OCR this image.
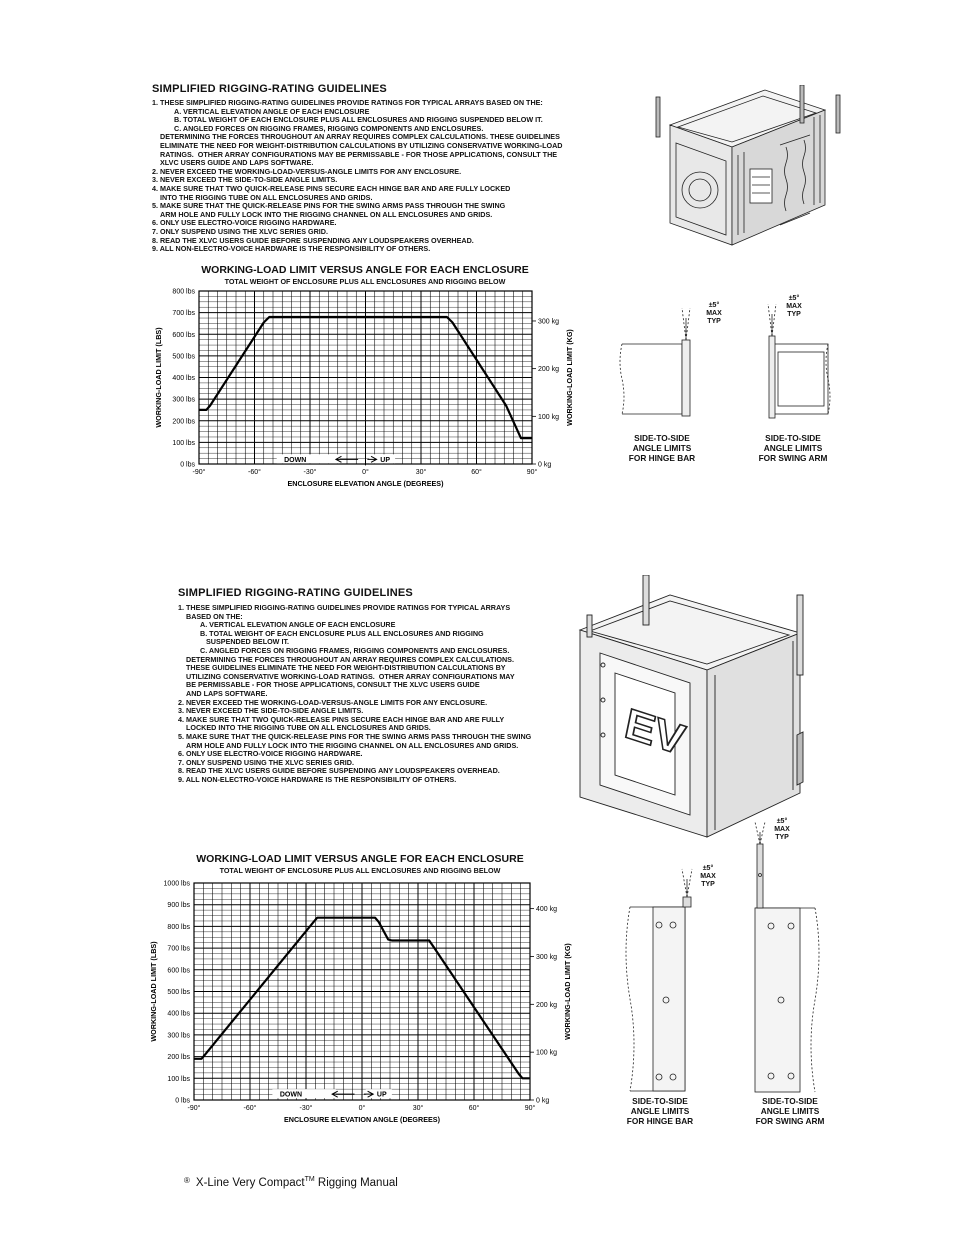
SIMPLIFIED RIGGING-RATING GUIDELINES
1. THESE SIMPLIFIED RIGGING-RATING GUIDELINES PROVIDE RATINGS FOR TYPICAL ARRAYS BASED ON THE:
A. VERTICAL ELEVATION ANGLE OF EACH ENCLOSURE
B. TOTAL WEIGHT OF EACH ENCLOSURE PLUS ALL ENCLOSURES AND RIGGING SUSPENDED BELOW IT.
C. ANGLED FORCES ON RIGGING FRAMES, RIGGING COMPONENTS AND ENCLOSURES.
DETERMINING THE FORCES THROUGHOUT AN ARRAY REQUIRES COMPLEX CALCULATIONS. THESE GUIDELINES
ELIMINATE THE NEED FOR WEIGHT-DISTRIBUTION CALCULATIONS BY UTILIZING CONSERVATIVE WORKING-LOAD
RATINGS.  OTHER ARRAY CONFIGURATIONS MAY BE PERMISSABLE - FOR THOSE APPLICATIONS, CONSULT THE
XLVC USERS GUIDE AND LAPS SOFTWARE.
2. NEVER EXCEED THE WORKING-LOAD-VERSUS-ANGLE LIMITS FOR ANY ENCLOSURE.
3. NEVER EXCEED THE SIDE-TO-SIDE ANGLE LIMITS.
4. MAKE SURE THAT TWO QUICK-RELEASE PINS SECURE EACH HINGE BAR AND ARE FULLY LOCKED
INTO THE RIGGING TUBE ON ALL ENCLOSURES AND GRIDS.
5. MAKE SURE THAT THE QUICK-RELEASE PINS FOR THE SWING ARMS PASS THROUGH THE SWING
ARM HOLE AND FULLY LOCK INTO THE RIGGING CHANNEL ON ALL ENCLOSURES AND GRIDS.
6. ONLY USE ELECTRO-VOICE RIGGING HARDWARE.
7. ONLY SUSPEND USING THE XLVC SERIES GRID.
8. READ THE XLVC USERS GUIDE BEFORE SUSPENDING ANY LOUDSPEAKERS OVERHEAD.
9. ALL NON-ELECTRO-VOICE HARDWARE IS THE RESPONSIBILITY OF OTHERS.
WORKING-LOAD LIMIT VERSUS ANGLE FOR EACH ENCLOSURE
TOTAL WEIGHT OF ENCLOSURE PLUS ALL ENCLOSURES AND RIGGING BELOW
0 lbs
100 lbs
200 lbs
300 lbs
400 lbs
500 lbs
600 lbs
700 lbs
800 lbs
0 kg
100 kg
200 kg
300 kg
-90°	-60°	-30°	0°	30°	60°	90°
ENCLOSURE ELEVATION ANGLE (DEGREES)
WORKING-LOAD LIMIT (LBS)	WORKING-LOAD LIMIT (KG)
DOWN	UP
±5°
MAX
TYP
SIDE-TO-SIDE
ANGLE LIMITS
FOR HINGE BAR
±5°
MAX
TYP
SIDE-TO-SIDE
ANGLE LIMITS
FOR SWING ARM
SIMPLIFIED RIGGING-RATING GUIDELINES
1. THESE SIMPLIFIED RIGGING-RATING GUIDELINES PROVIDE RATINGS FOR TYPICAL ARRAYS
BASED ON THE:
A. VERTICAL ELEVATION ANGLE OF EACH ENCLOSURE
B. TOTAL WEIGHT OF EACH ENCLOSURE PLUS ALL ENCLOSURES AND RIGGING
SUSPENDED BELOW IT.
C. ANGLED FORCES ON RIGGING FRAMES, RIGGING COMPONENTS AND ENCLOSURES.
DETERMINING THE FORCES THROUGHOUT AN ARRAY REQUIRES COMPLEX CALCULATIONS.
THESE GUIDELINES ELIMINATE THE NEED FOR WEIGHT-DISTRIBUTION CALCULATIONS BY
UTILIZING CONSERVATIVE WORKING-LOAD RATINGS.  OTHER ARRAY CONFIGURATIONS MAY
BE PERMISSABLE - FOR THOSE APPLICATIONS, CONSULT THE XLVC USERS GUIDE
AND LAPS SOFTWARE.
2. NEVER EXCEED THE WORKING-LOAD-VERSUS-ANGLE LIMITS FOR ANY ENCLOSURE.
3. NEVER EXCEED THE SIDE-TO-SIDE ANGLE LIMITS.
4. MAKE SURE THAT TWO QUICK-RELEASE PINS SECURE EACH HINGE BAR AND ARE FULLY
LOCKED INTO THE RIGGING TUBE ON ALL ENCLOSURES AND GRIDS.
5. MAKE SURE THAT THE QUICK-RELEASE PINS FOR THE SWING ARMS PASS THROUGH THE SWING
ARM HOLE AND FULLY LOCK INTO THE RIGGING CHANNEL ON ALL ENCLOSURES AND GRIDS.
6. ONLY USE ELECTRO-VOICE RIGGING HARDWARE.
7. ONLY SUSPEND USING THE XLVC SERIES GRID.
8. READ THE XLVC USERS GUIDE BEFORE SUSPENDING ANY LOUDSPEAKERS OVERHEAD.
9. ALL NON-ELECTRO-VOICE HARDWARE IS THE RESPONSIBILITY OF OTHERS.
EV
WORKING-LOAD LIMIT VERSUS ANGLE FOR EACH ENCLOSURE
TOTAL WEIGHT OF ENCLOSURE PLUS ALL ENCLOSURES AND RIGGING BELOW
0 lbs
100 lbs
200 lbs
300 lbs
400 lbs
500 lbs
600 lbs
700 lbs
800 lbs
900 lbs
1000 lbs
0 kg
100 kg
200 kg
300 kg
400 kg
-90°	-60°	-30°	0°	30°	60°	90°
ENCLOSURE ELEVATION ANGLE (DEGREES)
WORKING-LOAD LIMIT (LBS)	WORKING-LOAD LIMIT (KG)
DOWN	UP
±5°
MAX
TYP
SIDE-TO-SIDE
ANGLE LIMITS
FOR HINGE BAR
±5°
MAX
TYP
SIDE-TO-SIDE
ANGLE LIMITS
FOR SWING ARM
® X-Line Very Compact™ Rigging Manual
